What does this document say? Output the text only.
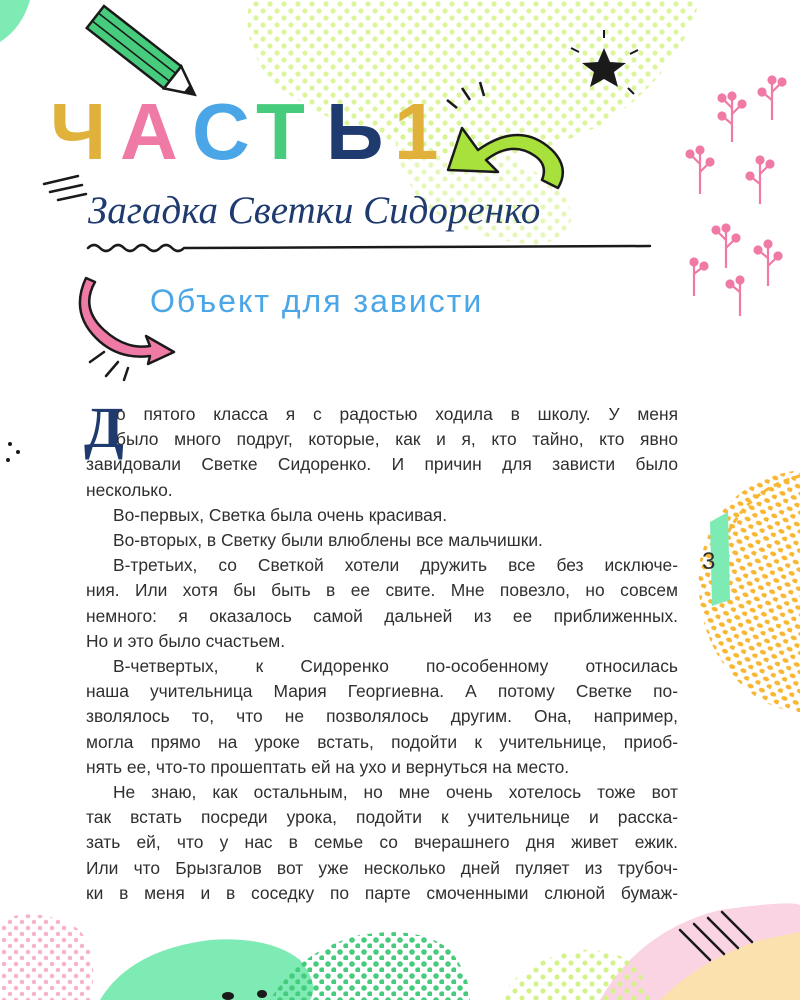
Ч А С Т Ь 1
Загадка Светки Сидоренко
Объект для зависти
Д

о пятого класса я с радостью ходила в школу. У меня

было много подруг, которые, как и я, кто тайно, кто явно

завидовали Светке Сидоренко. И причин для зависти было

несколько.

Во-первых, Светка была очень красивая.

Во-вторых, в Светку были влюблены все мальчишки.

В-третьих, со Светкой хотели дружить все без исключе-

ния. Или хотя бы быть в ее свите. Мне повезло, но совсем

немного: я оказалось самой дальней из ее приближенных.

Но и это было счастьем.

В-четвертых, к Сидоренко по-особенному относилась

наша учительница Мария Георгиевна. А потому Светке по-

зволялось то, что не позволялось другим. Она, например,

могла прямо на уроке встать, подойти к учительнице, приоб-

нять ее, что-то прошептать ей на ухо и вернуться на место.

Не знаю, как остальным, но мне очень хотелось тоже вот

так встать посреди урока, подойти к учительнице и расска-

зать ей, что у нас в семье со вчерашнего дня живет ежик.

Или что Брызгалов вот уже несколько дней пуляет из трубоч-

ки в меня и в соседку по парте смоченными слюной бумаж-

3
